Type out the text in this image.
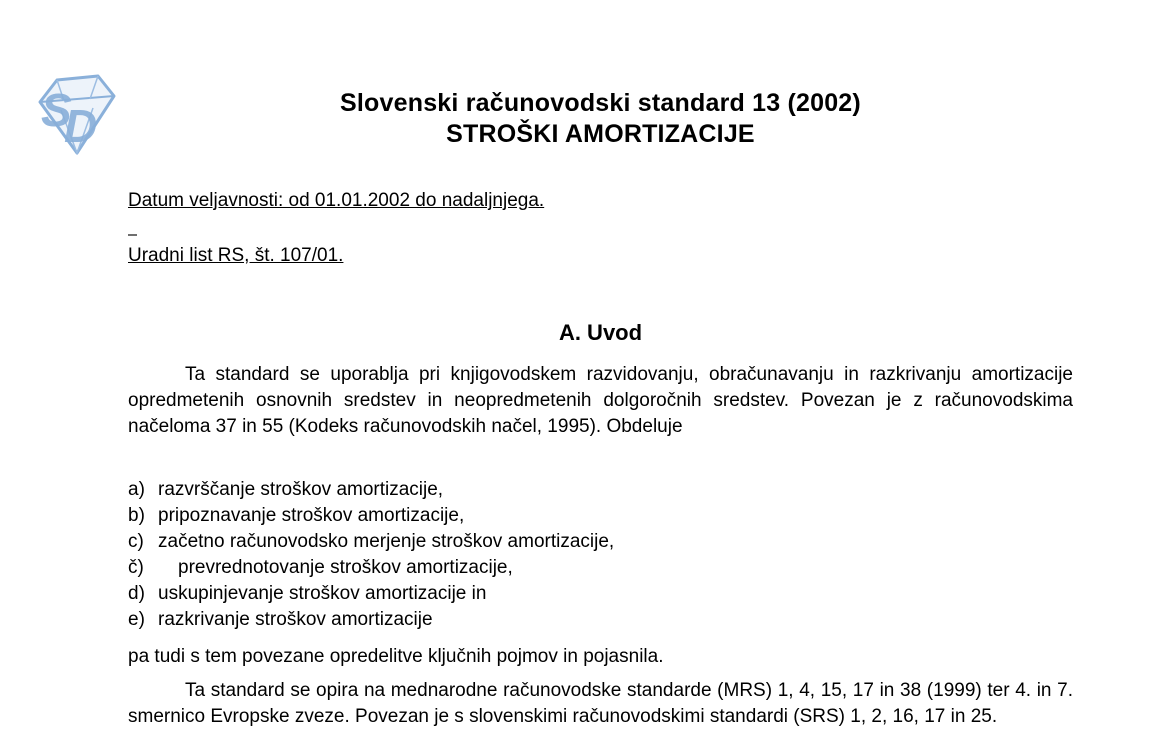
S
D	Slovenski računovodski standard 13 (2002)
STROŠKI AMORTIZACIJE
Datum veljavnosti: od 01.01.2002 do nadaljnjega.
Uradni list RS, št. 107/01.
A. Uvod
Ta standard se uporablja pri knjigovodskem razvidovanju, obračunavanju in razkrivanju amortizacije opredmetenih osnovnih sredstev in neopredmetenih dolgoročnih sredstev. Povezan je z računovodskima načeloma 37 in 55 (Kodeks računovodskih načel, 1995). Obdeluje
a) razvrščanje stroškov amortizacije,
b) pripoznavanje stroškov amortizacije,
c) začetno računovodsko merjenje stroškov amortizacije,
č)	prevrednotovanje stroškov amortizacije,
d) uskupinjevanje stroškov amortizacije in
e) razkrivanje stroškov amortizacije
pa tudi s tem povezane opredelitve ključnih pojmov in pojasnila.
Ta standard se opira na mednarodne računovodske standarde (MRS) 1, 4, 15, 17 in 38 (1999) ter 4. in 7. smernico Evropske zveze. Povezan je s slovenskimi računovodskimi standardi (SRS) 1, 2, 16, 17 in 25.
